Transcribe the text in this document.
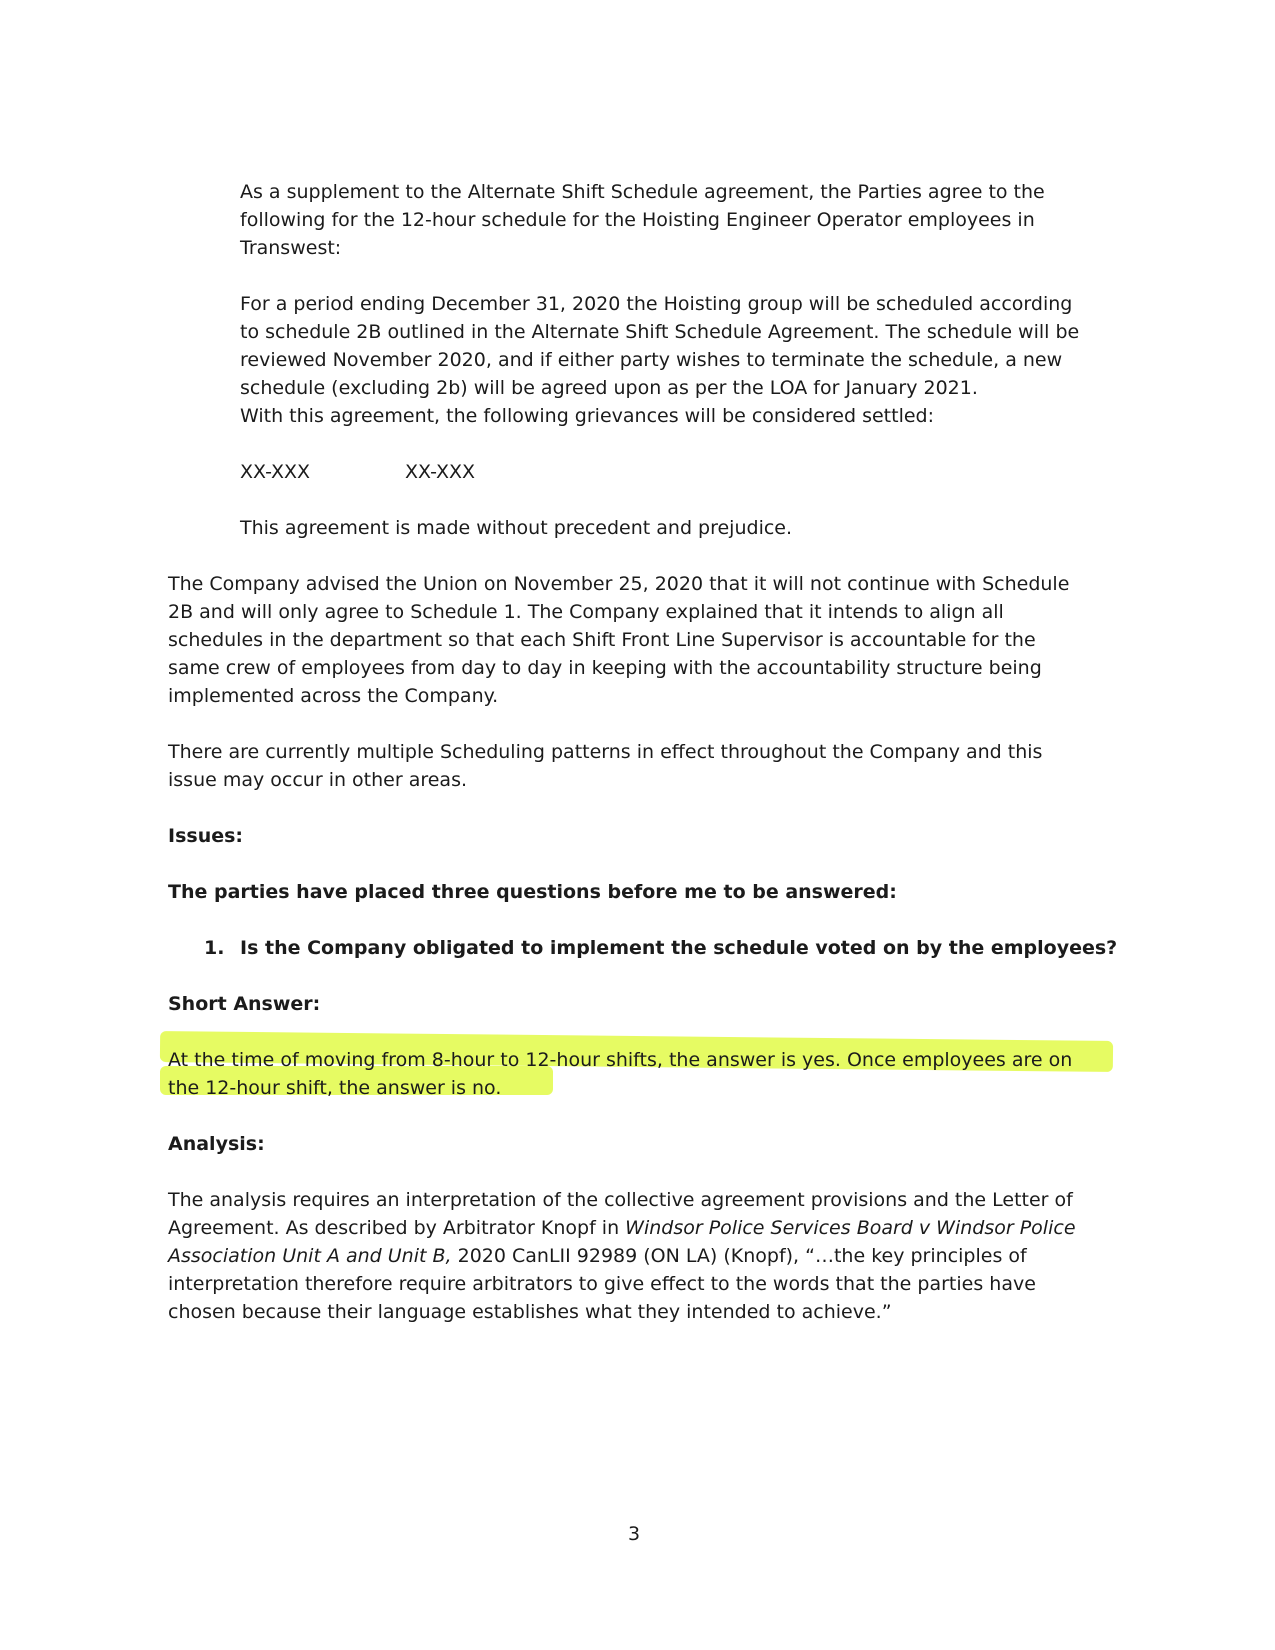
As a supplement to the Alternate Shift Schedule agreement, the Parties agree to the
following for the 12-hour schedule for the Hoisting Engineer Operator employees in
Transwest:
For a period ending December 31, 2020 the Hoisting group will be scheduled according
to schedule 2B outlined in the Alternate Shift Schedule Agreement. The schedule will be
reviewed November 2020, and if either party wishes to terminate the schedule, a new
schedule (excluding 2b) will be agreed upon as per the LOA for January 2021.
With this agreement, the following grievances will be considered settled:
XX-XXX	XX-XXX
This agreement is made without precedent and prejudice.
The Company advised the Union on November 25, 2020 that it will not continue with Schedule
2B and will only agree to Schedule 1. The Company explained that it intends to align all
schedules in the department so that each Shift Front Line Supervisor is accountable for the
same crew of employees from day to day in keeping with the accountability structure being
implemented across the Company.
There are currently multiple Scheduling patterns in effect throughout the Company and this
issue may occur in other areas.
Issues:
The parties have placed three questions before me to be answered:
1. Is the Company obligated to implement the schedule voted on by the employees?
Short Answer:
At the time of moving from 8-hour to 12-hour shifts, the answer is yes. Once employees are on
the 12-hour shift, the answer is no.
Analysis:
The analysis requires an interpretation of the collective agreement provisions and the Letter of
Agreement. As described by Arbitrator Knopf in Windsor Police Services Board v Windsor Police
Association Unit A and Unit B, 2020 CanLII 92989 (ON LA) (Knopf), “…the key principles of
interpretation therefore require arbitrators to give effect to the words that the parties have
chosen because their language establishes what they intended to achieve.”
3
